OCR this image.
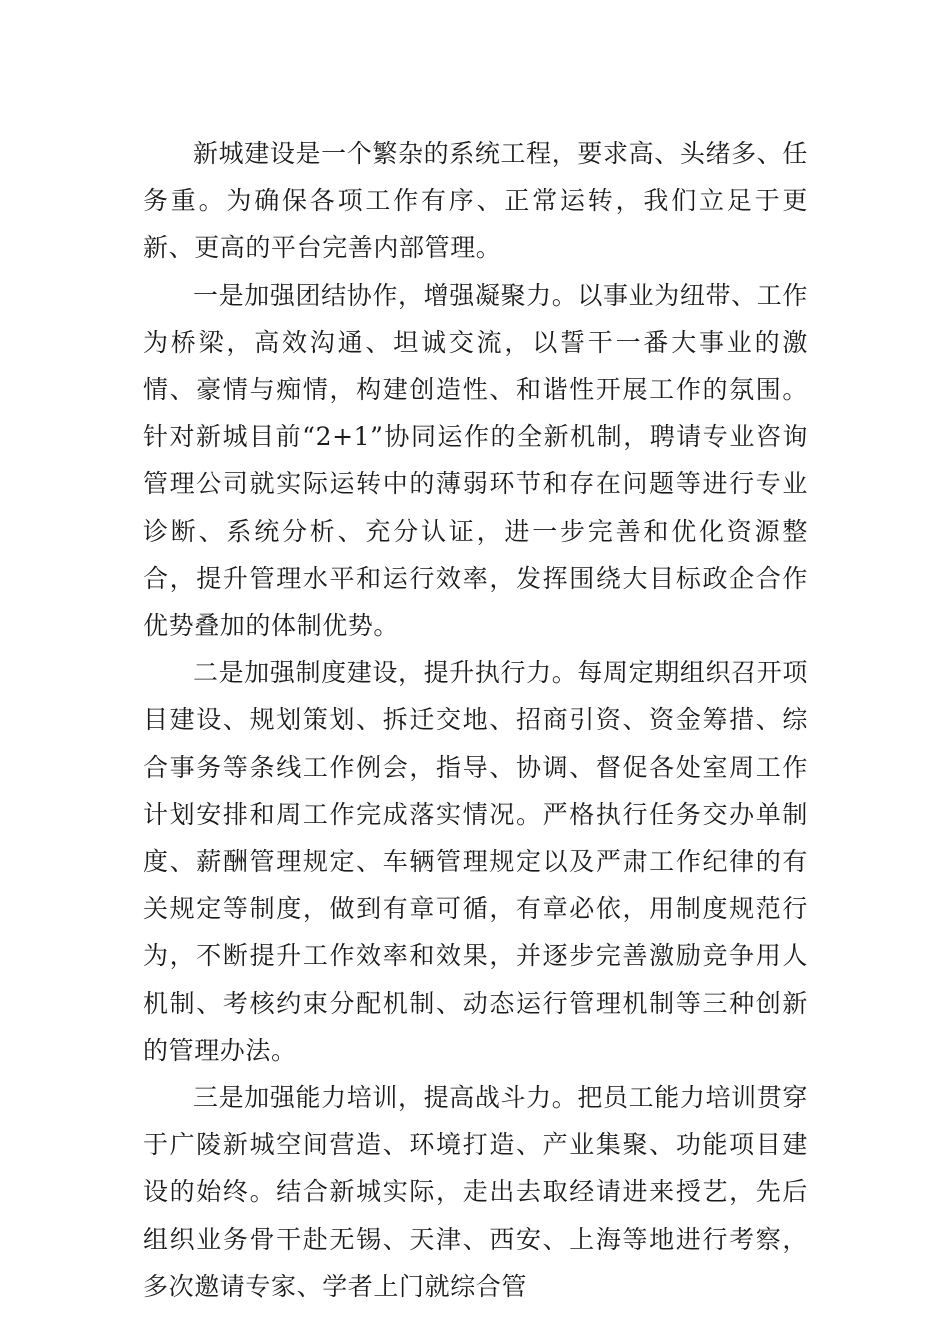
新城建设是一个繁杂的系统工程，要求高、头绪多、任务重。为确保各项工作有序、正常运转，我们立足于更新、更高的平台完善内部管理。

一是加强团结协作，增强凝聚力。以事业为纽带、工作为桥梁，高效沟通、坦诚交流，以誓干一番大事业的激情、豪情与痴情，构建创造性、和谐性开展工作的氛围。针对新城目前“2+1”协同运作的全新机制，聘请专业咨询管理公司就实际运转中的薄弱环节和存在问题等进行专业诊断、系统分析、充分认证，进一步完善和优化资源整合，提升管理水平和运行效率，发挥围绕大目标政企合作优势叠加的体制优势。

二是加强制度建设，提升执行力。每周定期组织召开项目建设、规划策划、拆迁交地、招商引资、资金筹措、综合事务等条线工作例会，指导、协调、督促各处室周工作计划安排和周工作完成落实情况。严格执行任务交办单制度、薪酬管理规定、车辆管理规定以及严肃工作纪律的有关规定等制度，做到有章可循，有章必依，用制度规范行为，不断提升工作效率和效果，并逐步完善激励竞争用人机制、考核约束分配机制、动态运行管理机制等三种创新的管理办法。

三是加强能力培训，提高战斗力。把员工能力培训贯穿于广陵新城空间营造、环境打造、产业集聚、功能项目建设的始终。结合新城实际，走出去取经请进来授艺，先后组织业务骨干赴无锡、天津、西安、上海等地进行考察，多次邀请专家、学者上门就综合管
